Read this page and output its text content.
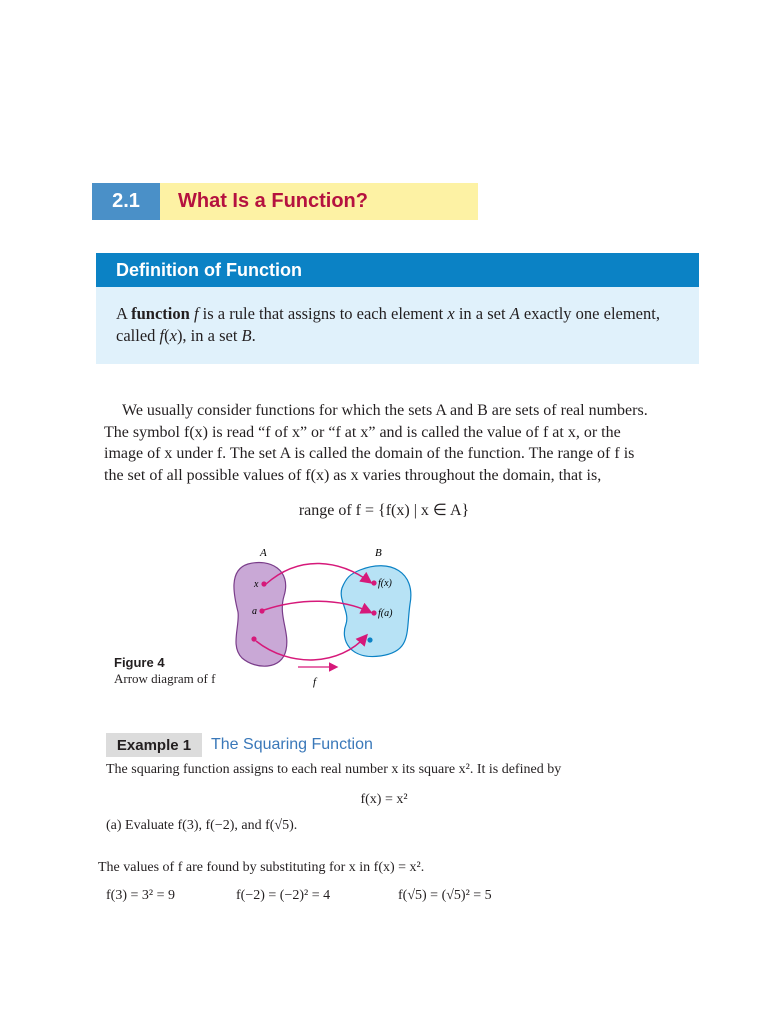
2.1	What Is a Function?
Definition of Function
A function f is a rule that assigns to each element x in a set A exactly one element, called f(x), in a set B.
We usually consider functions for which the sets A and B are sets of real numbers.
The symbol f(x) is read “f of x” or “f at x” and is called the value of f at x, or the
image of x under f. The set A is called the domain of the function. The range of f is
the set of all possible values of f(x) as x varies throughout the domain, that is,
range of f = {f(x) | x ∈ A}
A	B
x
a
f(x)
f(a)
f
Figure 4
Arrow diagram of f
Example 1	The Squaring Function
The squaring function assigns to each real number x its square x². It is defined by
f(x) = x²
(a) Evaluate f(3), f(−2), and f(√5).
The values of f are found by substituting for x in f(x) = x².
f(3) = 3² = 9	f(−2) = (−2)² = 4	f(√5) = (√5)² = 5
